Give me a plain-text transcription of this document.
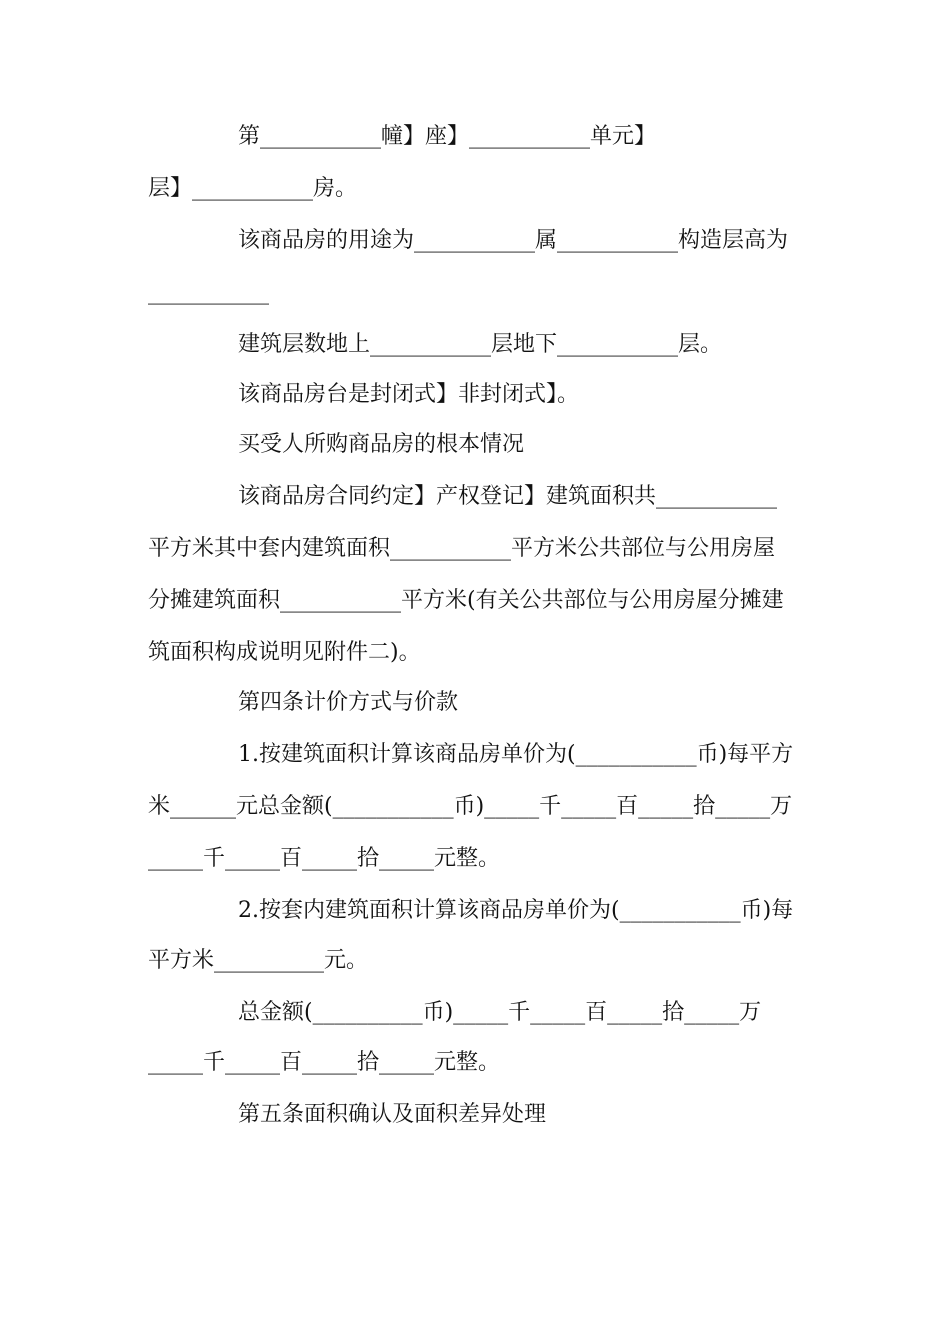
第___________幢】座】___________单元】
层】___________房。
该商品房的用途为___________属___________构造层高为
___________
建筑层数地上___________层地下___________层。
该商品房台是封闭式】非封闭式】。
买受人所购商品房的根本情况
该商品房合同约定】产权登记】建筑面积共___________
平方米其中套内建筑面积___________平方米公共部位与公用房屋
分摊建筑面积___________平方米(有关公共部位与公用房屋分摊建
筑面积构成说明见附件二)。
第四条计价方式与价款
1.按建筑面积计算该商品房单价为(___________币)每平方
米______元总金额(___________币)_____千_____百_____拾_____万
_____千_____百_____拾_____元整。
2.按套内建筑面积计算该商品房单价为(___________币)每
平方米__________元。
总金额(__________币)_____千_____百_____拾_____万
_____千_____百_____拾_____元整。
第五条面积确认及面积差异处理
